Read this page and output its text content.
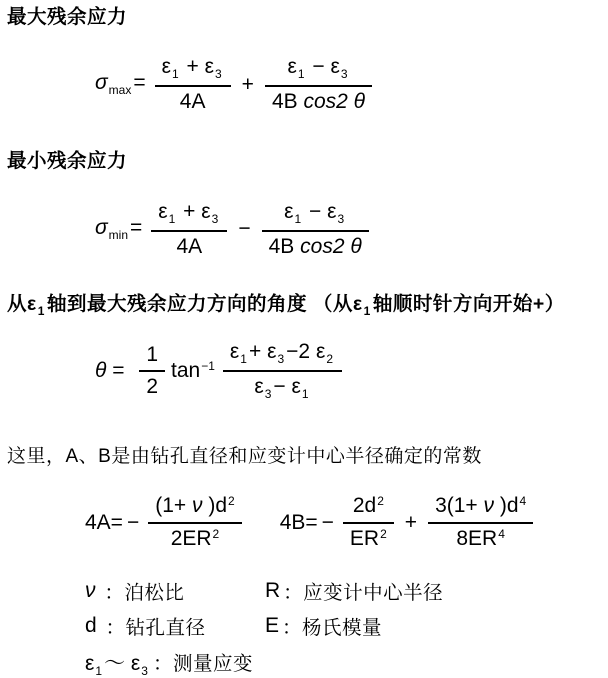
最大残余应力
$\sigma_{max}= \frac{\varepsilon_1 + \varepsilon_3}{4A} + \frac{\varepsilon_1 - \varepsilon_3}{\text{4B cos2 θ}}$
最小残余应力
$\sigma_{min}= \frac{\varepsilon_1 + \varepsilon_3}{4A} - \frac{\varepsilon_1 - \varepsilon_3}{\text{4B cos2 θ}}$
从$\varepsilon_1$ 轴到最大残余应力方向的角度 （从$\varepsilon_1$ 轴顺时针方向开始+）
$\theta = \frac{1}{2} \tan^{-1} \frac{\varepsilon_1+ \varepsilon_3-2 \varepsilon_2}{\varepsilon_3- \varepsilon_1}$

这里，A、B是由钻孔直径和应变计中心半径确定的常数

$4A= - \frac{(1+ \nu )d^2}{2ER^2} 4B= - \frac{2d^2}{ER^2} + \frac{3(1+ \nu )d^4}{8ER^4}$
ν ：泊松比	R ：应变计中心半径
d ：钻孔直径	E ：杨氏模量
$\varepsilon_1\sim$ $\varepsilon_3$ ：测量应变
